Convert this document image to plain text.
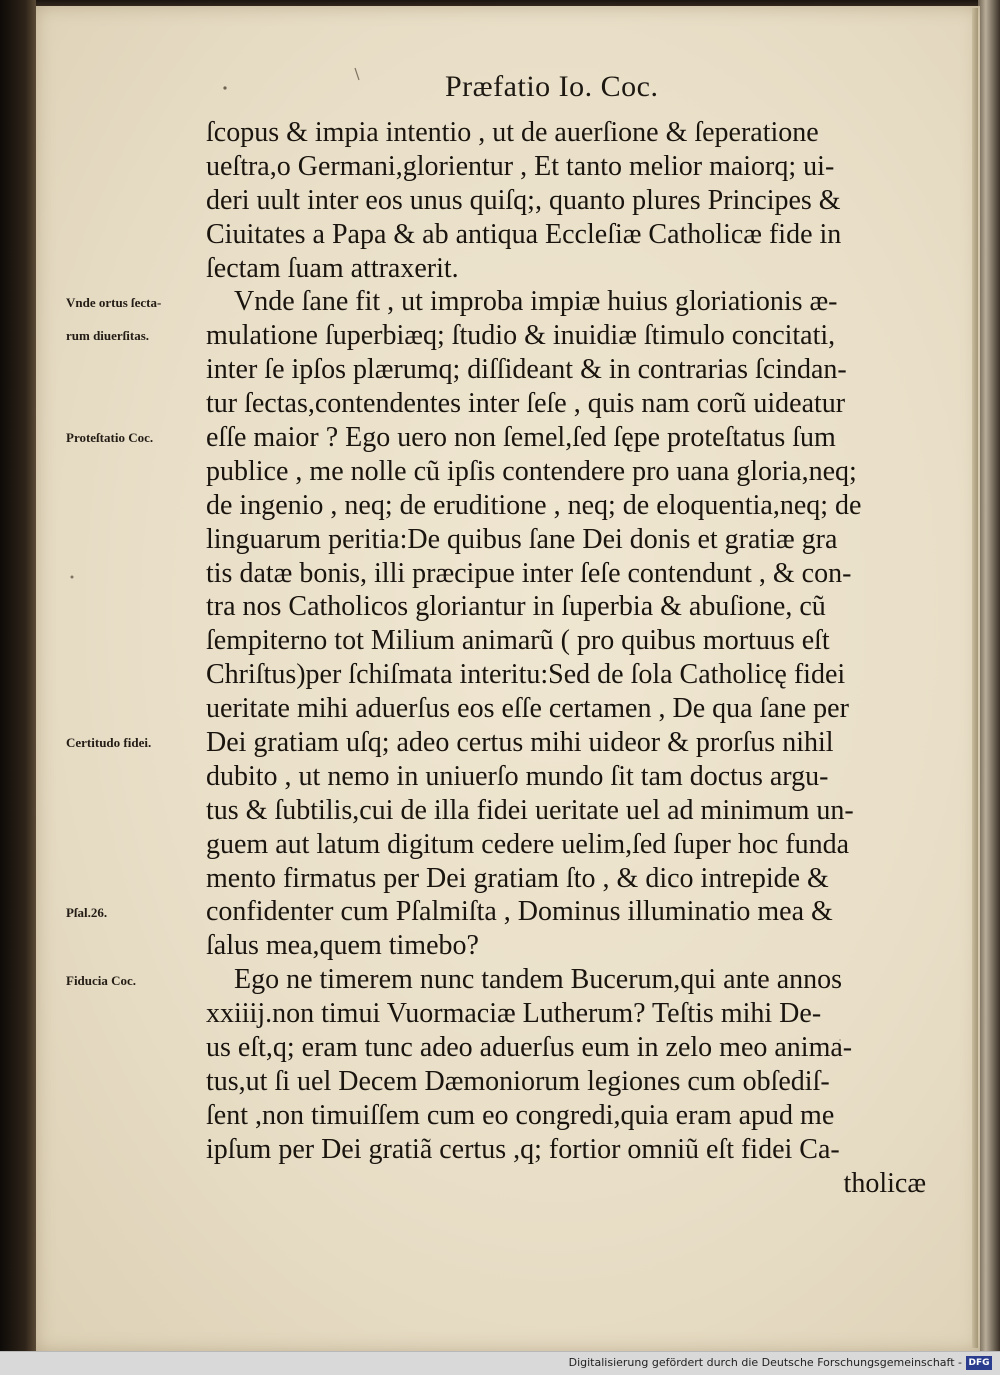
Præfatio Io. Coc.
ſcopus & impia intentio , ut de auerſione & ſeperatione
ueſtra,o Germani,glorientur , Et tanto melior maiorq; ui-
deri uult inter eos unus quiſq;, quanto plures Principes &
Ciuitates a Papa & ab antiqua Eccleſiæ Catholicæ fide in
ſectam ſuam attraxerit.
Vnde ſane fit , ut improba impiæ huius gloriationis æ-
mulatione ſuperbiæq; ſtudio & inuidiæ ſtimulo concitati,
inter ſe ipſos plærumq; diſſideant & in contrarias ſcindan-
tur ſectas,contendentes inter ſeſe , quis nam corũ uideatur
eſſe maior ? Ego uero non ſemel,ſed ſępe proteſtatus ſum
publice , me nolle cũ ipſis contendere pro uana gloria,neq;
de ingenio , neq; de eruditione , neq; de eloquentia,neq; de
linguarum peritia:De quibus ſane Dei donis et gratiæ gra
tis datæ bonis, illi præcipue inter ſeſe contendunt , & con-
tra nos Catholicos gloriantur in ſuperbia & abuſione, cũ
ſempiterno tot Milium animarũ ( pro quibus mortuus eſt
Chriſtus)per ſchiſmata interitu:Sed de ſola Catholicę fidei
ueritate mihi aduerſus eos eſſe certamen , De qua ſane per
Dei gratiam uſq; adeo certus mihi uideor & prorſus nihil
dubito , ut nemo in uniuerſo mundo ſit tam doctus argu-
tus & ſubtilis,cui de illa fidei ueritate uel ad minimum un-
guem aut latum digitum cedere uelim,ſed ſuper hoc funda
mento firmatus per Dei gratiam ſto , & dico intrepide &
confidenter cum Pſalmiſta , Dominus illuminatio mea &
ſalus mea,quem timebo?
Ego ne timerem nunc tandem Bucerum,qui ante annos
xxiiij.non timui Vuormaciæ Lutherum? Teſtis mihi De-
us eſt,q; eram tunc adeo aduerſus eum in zelo meo anima-
tus,ut ſi uel Decem Dæmoniorum legiones cum obſediſ-
ſent ,non timuiſſem cum eo congredi,quia eram apud me
ipſum per Dei gratiã certus ,q; fortior omniũ eſt fidei Ca-
tholicæ
Vnde ortus ſecta-
rum diuerſitas.
Proteſtatio Coc.
Certitudo fidei.
Pſal.26.
Fiducia Coc.
Digitalisierung gefördert durch die Deutsche Forschungsgemeinschaft - DFG
